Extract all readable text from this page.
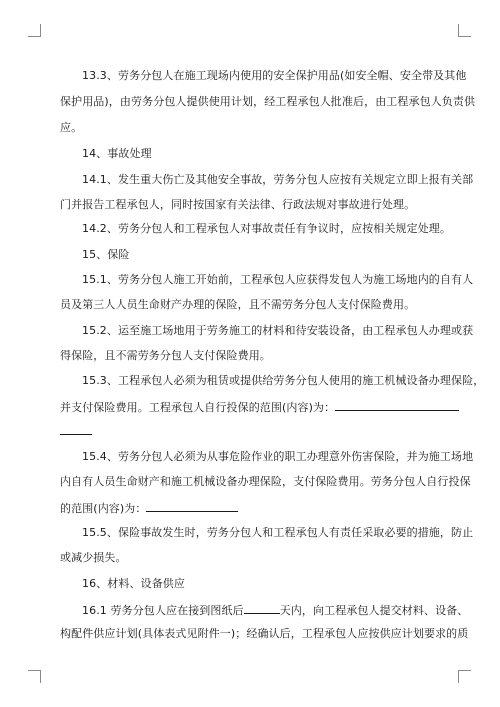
13.3、劳务分包人在施工现场内使用的安全保护用品(如安全帽、安全带及其他
保护用品)，由劳务分包人提供使用计划，经工程承包人批准后，由工程承包人负责供
应。
14、事故处理
14.1、发生重大伤亡及其他安全事故，劳务分包人应按有关规定立即上报有关部
门并报告工程承包人，同时按国家有关法律、行政法规对事故进行处理。
14.2、劳务分包人和工程承包人对事故责任有争议时，应按相关规定处理。
15、保险
15.1、劳务分包人施工开始前，工程承包人应获得发包人为施工场地内的自有人
员及第三人人员生命财产办理的保险，且不需劳务分包人支付保险费用。
15.2、运至施工场地用于劳务施工的材料和待安装设备，由工程承包人办理或获
得保险，且不需劳务分包人支付保险费用。
15.3、工程承包人必须为租赁或提供给劳务分包人使用的施工机械设备办理保险，
并支付保险费用。工程承包人自行投保的范围(内容)为：
15.4、劳务分包人必须为从事危险作业的职工办理意外伤害保险，并为施工场地
内自有人员生命财产和施工机械设备办理保险，支付保险费用。劳务分包人自行投保
的范围(内容)为：
15.5、保险事故发生时，劳务分包人和工程承包人有责任采取必要的措施，防止
或减少损失。
16、材料、设备供应
16.1 劳务分包人应在接到图纸后	天内，向工程承包人提交材料、设备、
构配件供应计划(具体表式见附件一)；经确认后，工程承包人应按供应计划要求的质
